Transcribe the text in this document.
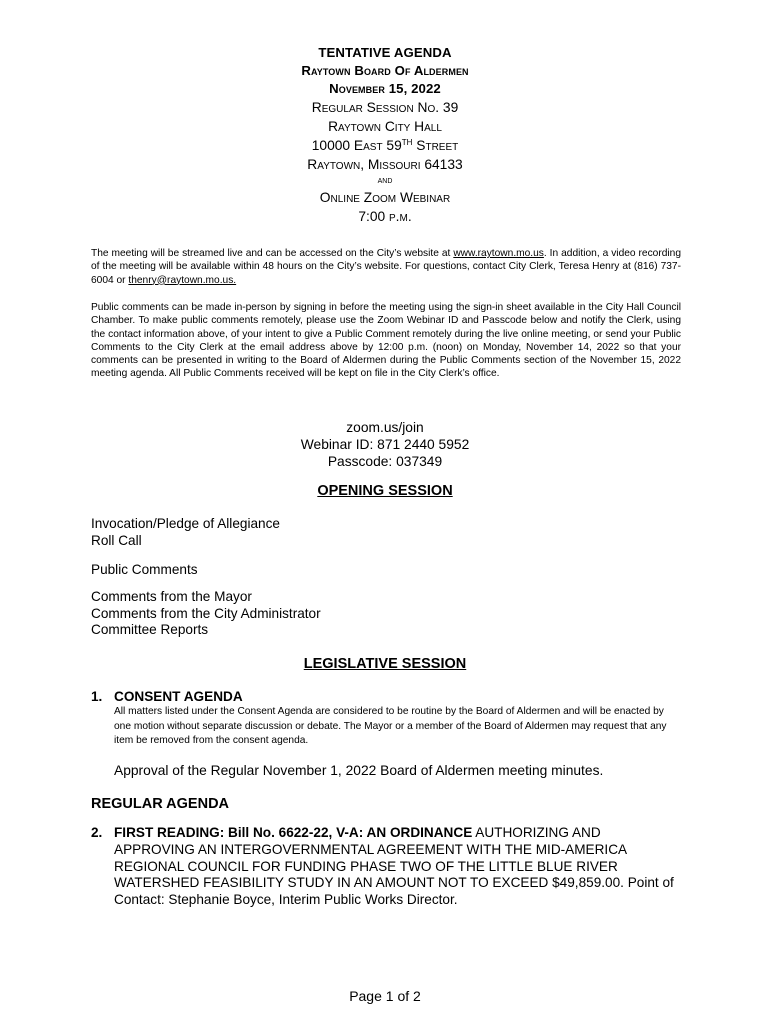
TENTATIVE AGENDA
Raytown Board Of Aldermen
November 15, 2022
Regular Session No. 39
Raytown City Hall
10000 East 59TH Street
Raytown, Missouri 64133
and
Online Zoom Webinar
7:00 p.m.
The meeting will be streamed live and can be accessed on the City’s website at www.raytown.mo.us. In addition, a video recording of the meeting will be available within 48 hours on the City’s website. For questions, contact City Clerk, Teresa Henry at (816) 737-6004 or thenry@raytown.mo.us.
Public comments can be made in-person by signing in before the meeting using the sign-in sheet available in the City Hall Council Chamber. To make public comments remotely, please use the Zoom Webinar ID and Passcode below and notify the Clerk, using the contact information above, of your intent to give a Public Comment remotely during the live online meeting, or send your Public Comments to the City Clerk at the email address above by 12:00 p.m. (noon) on Monday, November 14, 2022 so that your comments can be presented in writing to the Board of Aldermen during the Public Comments section of the November 15, 2022 meeting agenda. All Public Comments received will be kept on file in the City Clerk’s office.
zoom.us/join
Webinar ID: 871 2440 5952
Passcode: 037349
OPENING SESSION
Invocation/Pledge of Allegiance
Roll Call
Public Comments
Comments from the Mayor
Comments from the City Administrator
Committee Reports
LEGISLATIVE SESSION
1. CONSENT AGENDA
All matters listed under the Consent Agenda are considered to be routine by the Board of Aldermen and will be enacted by one motion without separate discussion or debate. The Mayor or a member of the Board of Aldermen may request that any item be removed from the consent agenda.
Approval of the Regular November 1, 2022 Board of Aldermen meeting minutes.
REGULAR AGENDA
2. FIRST READING: Bill No. 6622-22, V-A: AN ORDINANCE AUTHORIZING AND APPROVING AN INTERGOVERNMENTAL AGREEMENT WITH THE MID-AMERICA REGIONAL COUNCIL FOR FUNDING PHASE TWO OF THE LITTLE BLUE RIVER WATERSHED FEASIBILITY STUDY IN AN AMOUNT NOT TO EXCEED $49,859.00. Point of Contact: Stephanie Boyce, Interim Public Works Director.
Page 1 of 2
